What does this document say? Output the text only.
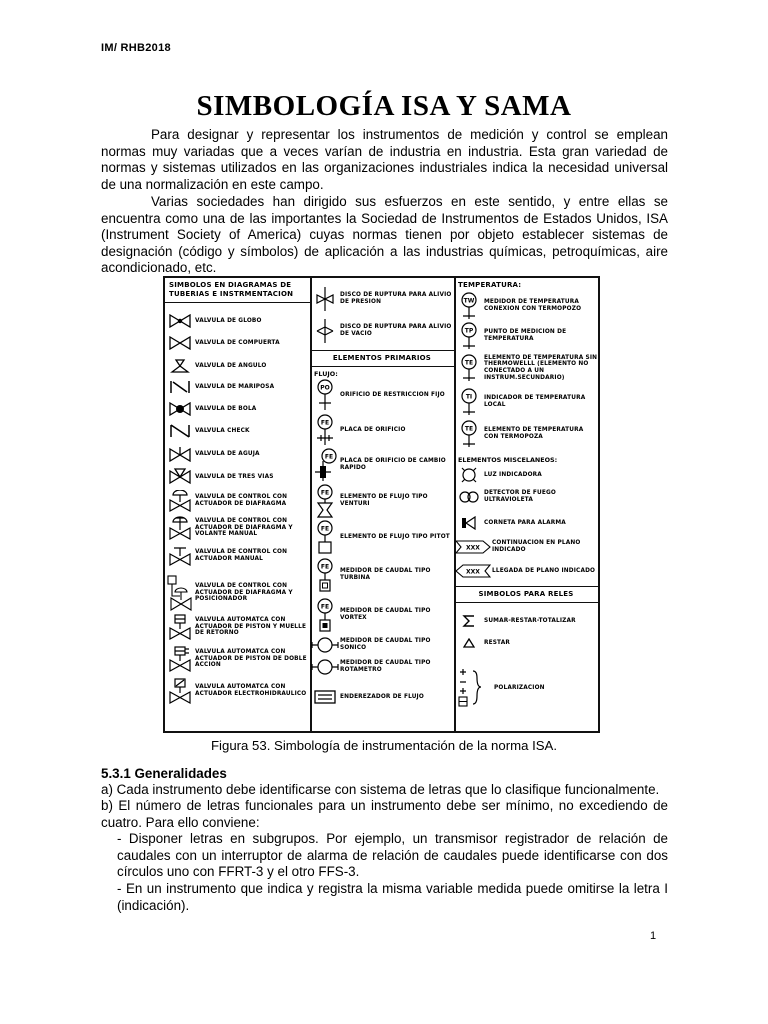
IM/ RHB2018
SIMBOLOGÍA ISA Y SAMA

Para designar y representar los instrumentos de medición y control se emplean normas muy variadas que a veces varían de industria en industria. Esta gran variedad de normas y sistemas utilizados en las organizaciones industriales indica la necesidad universal de una normalización en este campo.

Varias sociedades han dirigido sus esfuerzos en este sentido, y entre ellas se encuentra como una de las importantes la Sociedad de Instrumentos de Estados Unidos, ISA (Instrument Society of America) cuyas normas tienen por objeto establecer sistemas de designación (código y símbolos) de aplicación a las industrias químicas, petroquímicas, aire acondicionado, etc.

SIMBOLOS EN DIAGRAMAS DE TUBERIAS E INSTRMENTACION
VALVULA DE GLOBO
VALVULA DE COMPUERTA
VALVULA DE ANGULO
VALVULA DE MARIPOSA
VALVULA DE BOLA
VALVULA CHECK
VALVULA DE AGUJA
VALVULA DE TRES VIAS
VALVULA DE CONTROL CON ACTUADOR DE DIAFRAGMA
VALVULA DE CONTROL CON ACTUADOR DE DIAFRAGMA Y VOLANTE MANUAL
VALVULA DE CONTROL CON ACTUADOR MANUAL
VALVULA DE CONTROL CON ACTUADOR DE DIAFRAGMA Y POSICIONADOR
VALVULA AUTOMATCA CON ACTUADOR DE PISTON Y MUELLE DE RETORNO
VALVULA AUTOMATCA CON ACTUADOR DE PISTON DE DOBLE ACCION
VALVULA AUTOMATCA CON ACTUADOR ELECTROHIDRAULICO
DISCO DE RUPTURA PARA ALIVIO DE PRESION
DISCO DE RUPTURA PARA ALIVIO DE VACIO
ELEMENTOS PRIMARIOS
FLUJO:
PO
ORIFICIO DE RESTRICCION FIJO
FE
PLACA DE ORIFICIO
FE
PLACA DE ORIFICIO DE CAMBIO RAPIDO
FE
ELEMENTO DE FLUJO TIPO VENTURI
FE
ELEMENTO DE FLUJO TIPO PITOT
FE
MEDIDOR DE CAUDAL TIPO TURBINA
FE
MEDIDOR DE CAUDAL TIPO VORTEX
MEDIDOR DE CAUDAL TIPO SONICO
MEDIDOR DE CAUDAL TIPO ROTAMETRO
ENDEREZADOR DE FLUJO
TEMPERATURA:
TW MEDIDOR DE TEMPERATURA CONEXION CON TERMOPOZO
TP PUNTO DE MEDICION DE TEMPERATURA
TE
ELEMENTO DE TEMPERATURA SIN THERMOWELLL (ELEMENTO NO CONECTADO A UN INSTRUM.SECUNDARIO)
TI INDICADOR DE TEMPERATURA LOCAL
TE ELEMENTO DE TEMPERATURA CON TERMOPOZA
ELEMENTOS MISCELANEOS:
LUZ INDICADORA
DETECTOR DE FUEGO ULTRAVIOLETA
CORNETA PARA ALARMA
XXX
CONTINUACION EN PLANO INDICADO
XXX LLEGADA DE PLANO INDICADO
SIMBOLOS PARA RELES
SUMAR-RESTAR-TOTALIZAR
RESTAR
POLARIZACION
Figura 53. Simbología de instrumentación de la norma ISA.
5.3.1 Generalidades

a) Cada instrumento debe identificarse con sistema de letras que lo clasifique funcionalmente.

b) El número de letras funcionales para un instrumento debe ser mínimo, no excediendo de cuatro. Para ello conviene:

- Disponer letras en subgrupos. Por ejemplo, un transmisor registrador de relación de caudales con un interruptor de alarma de relación de caudales puede identificarse con dos círculos uno con FFRT-3 y el otro FFS-3.

- En un instrumento que indica y registra la misma variable medida puede omitirse la letra I (indicación).

1
